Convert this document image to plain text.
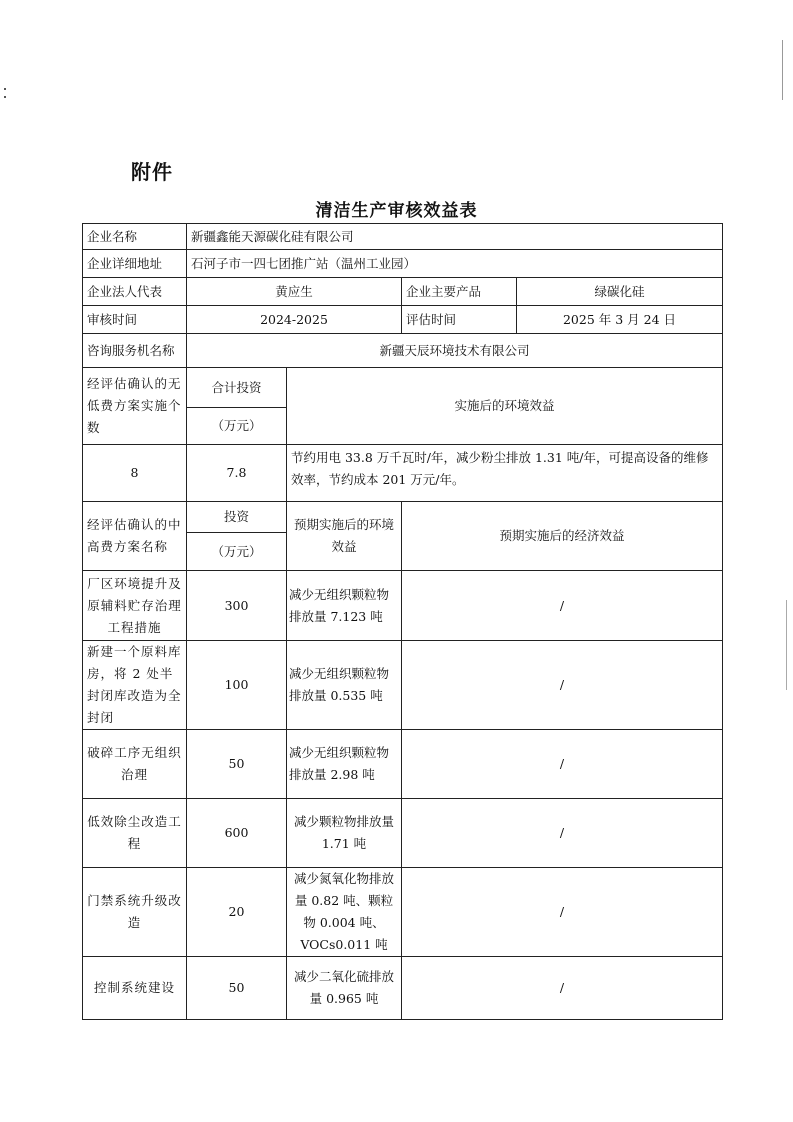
附件
清洁生产审核效益表
企业名称	新疆鑫能天源碳化硅有限公司			
企业详细地址	石河子市一四七团推广站（温州工业园）			
企业法人代表	黄应生		企业主要产品	绿碳化硅
审核时间	2024-2025		评估时间	2025 年 3 月 24 日
咨询服务机名称	新疆天辰环境技术有限公司			
经评估确认的无低费方案实施个数	合计投资	实施后的环境效益		
	（万元）			
8	7.8	节约用电 33.8 万千瓦时/年，减少粉尘排放 1.31 吨/年，可提高设备的维修效率，节约成本 201 万元/年。		
经评估确认的中高费方案名称	投资	预期实施后的环境效益	预期实施后的经济效益	
	（万元）			
厂区环境提升及原辅料贮存治理工程措施	300	减少无组织颗粒物排放量 7.123 吨	/	
新建一个原料库房，将 2 处半封闭库改造为全封闭	100	减少无组织颗粒物排放量 0.535 吨	/	
破碎工序无组织治理	50	减少无组织颗粒物排放量 2.98 吨	/	
低效除尘改造工程	600	减少颗粒物排放量 1.71 吨	/	
门禁系统升级改造	20	减少氮氧化物排放量 0.82 吨、颗粒物 0.004 吨、VOCs0.011 吨	/	
控制系统建设	50	减少二氧化硫排放量 0.965 吨	/	
